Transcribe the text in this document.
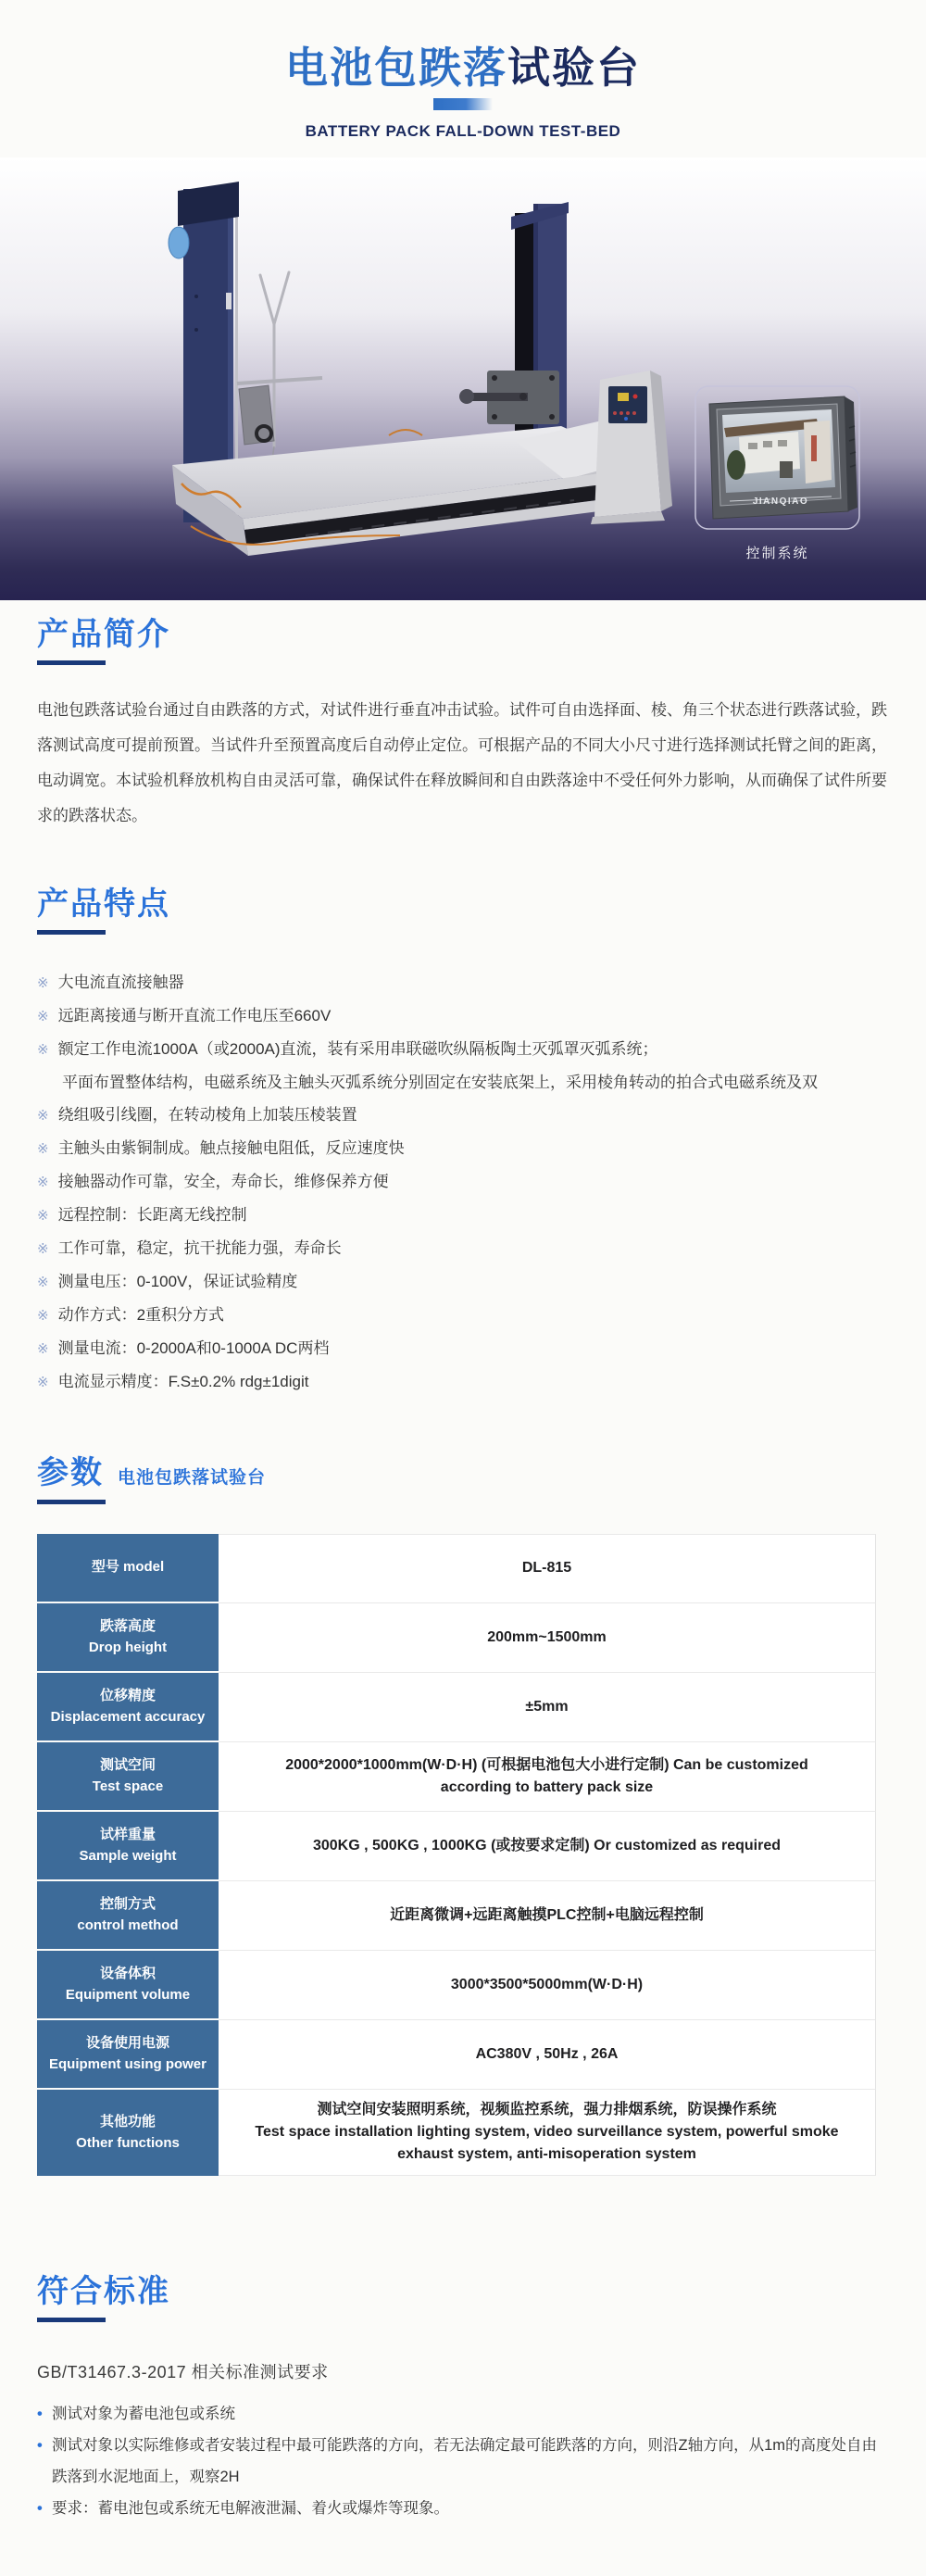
电池包跌落试验台
BATTERY PACK FALL-DOWN TEST-BED
JIANQIAO
控制系统
产品简介

电池包跌落试验台通过自由跌落的方式，对试件进行垂直冲击试验。试件可自由选择面、棱、角三个状态进行跌落试验，跌落测试高度可提前预置。当试件升至预置高度后自动停止定位。可根据产品的不同大小尺寸进行选择测试托臂之间的距离，电动调宽。本试验机释放机构自由灵活可靠，确保试件在释放瞬间和自由跌落途中不受任何外力影响，从而确保了试件所要求的跌落状态。

产品特点
※ 大电流直流接触器
※ 远距离接通与断开直流工作电压至660V
※ 额定工作电流1000A（或2000A)直流，装有采用串联磁吹纵隔板陶土灭弧罩灭弧系统；
平面布置整体结构，电磁系统及主触头灭弧系统分别固定在安装底架上，采用棱角转动的拍合式电磁系统及双
※ 绕组吸引线圈，在转动棱角上加装压棱装置
※ 主触头由紫铜制成。触点接触电阻低，反应速度快
※ 接触器动作可靠，安全，寿命长，维修保养方便
※ 远程控制：长距离无线控制
※ 工作可靠，稳定，抗干扰能力强，寿命长
※ 测量电压：0-100V，保证试验精度
※ 动作方式：2重积分方式
※ 测量电流：0-2000A和0-1000A DC两档
※ 电流显示精度：F.S±0.2% rdg±1digit
参数 电池包跌落试验台
型号 model	DL-815
跌落高度
Drop height
200mm~1500mm
位移精度
Displacement accuracy
±5mm
测试空间
Test space
2000*2000*1000mm(W·D·H) (可根据电池包大小进行定制) Can be customized according to battery pack size
试样重量
Sample weight
300KG , 500KG , 1000KG (或按要求定制) Or customized as required
控制方式
control method
近距离微调+远距离触摸PLC控制+电脑远程控制
设备体积
Equipment volume
3000*3500*5000mm(W·D·H)
设备使用电源
Equipment using power
AC380V , 50Hz , 26A
其他功能
Other functions
测试空间安装照明系统，视频监控系统，强力排烟系统，防误操作系统
Test space installation lighting system, video surveillance system, powerful smoke exhaust system, anti-misoperation system
符合标准
GB/T31467.3-2017 相关标准测试要求
• 测试对象为蓄电池包或系统
• 测试对象以实际维修或者安装过程中最可能跌落的方向，若无法确定最可能跌落的方向，则沿Z轴方向，从1m的高度处自由跌落到水泥地面上，观察2H
• 要求：蓄电池包或系统无电解液泄漏、着火或爆炸等现象。
